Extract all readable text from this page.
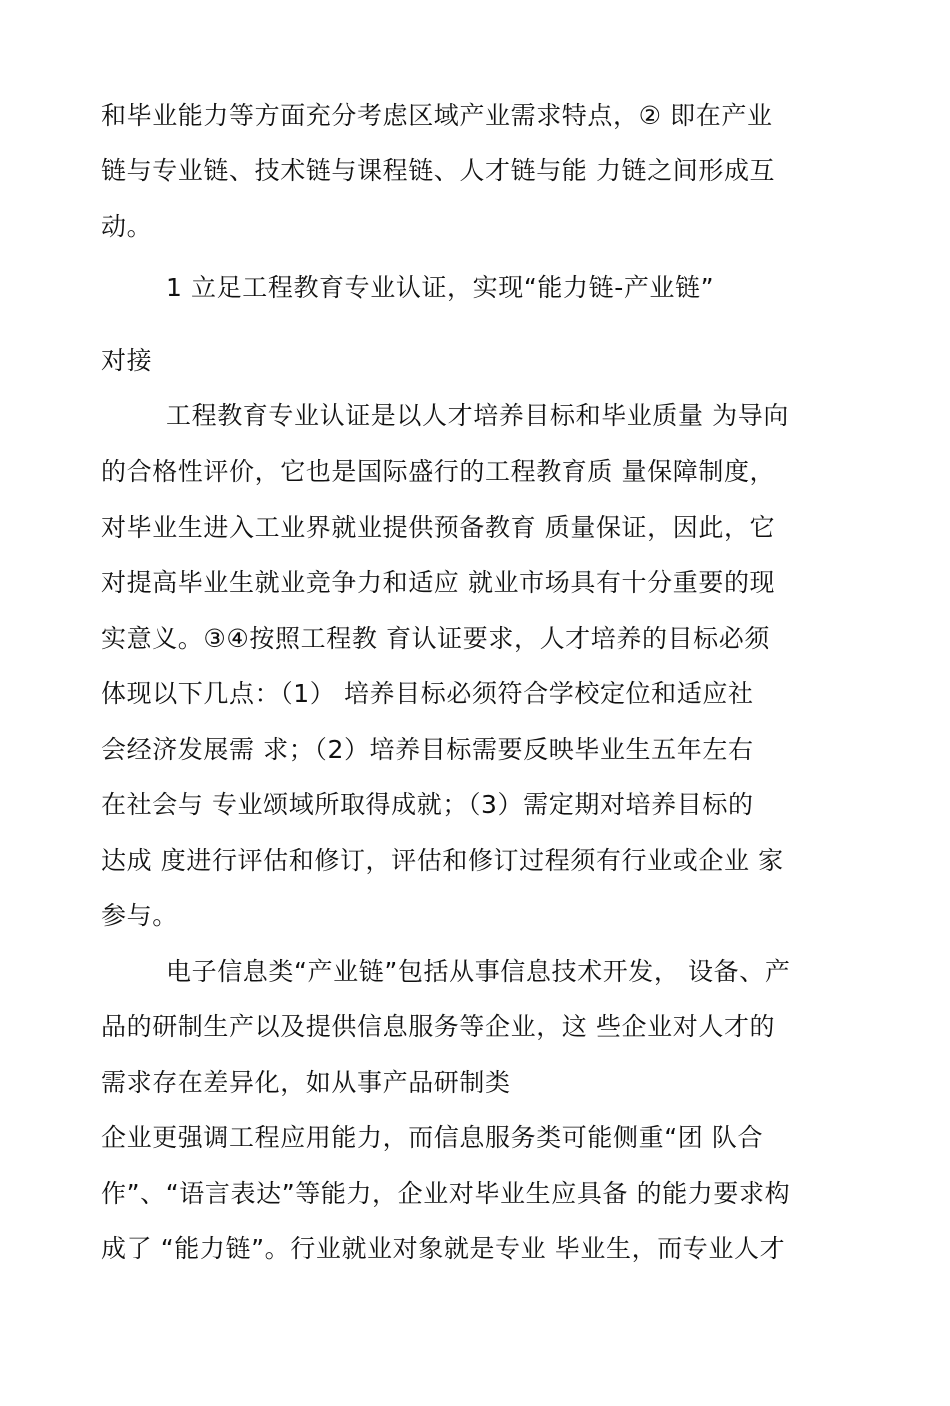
和毕业能力等方面充分考虑区域产业需求特点，② 即在产业
链与专业链、技术链与课程链、人才链与能 力链之间形成互
动。
1 立足工程教育专业认证，实现“能力链-产业链”
对接
工程教育专业认证是以人才培养目标和毕业质量 为导向
的合格性评价，它也是国际盛行的工程教育质 量保障制度，
对毕业生进入工业界就业提供预备教育 质量保证，因此，它
对提高毕业生就业竞争力和适应 就业市场具有十分重要的现
实意义。③④按照工程教 育认证要求，人才培养的目标必须
体现以下几点：（1） 培养目标必须符合学校定位和适应社
会经济发展需 求；（2）培养目标需要反映毕业生五年左右
在社会与 专业颂域所取得成就；（3）需定期对培养目标的
达成 度进行评估和修订，评估和修订过程须有行业或企业 家
参与。
电子信息类“产业链”包括从事信息技术开发， 设备、产
品的研制生产以及提供信息服务等企业，这 些企业对人才的
需求存在差异化，如从事产品研制类
企业更强调工程应用能力，而信息服务类可能侧重“团 队合
作”、“语言表达”等能力，企业对毕业生应具备 的能力要求构
成了 “能力链”。行业就业对象就是专业 毕业生，而专业人才
